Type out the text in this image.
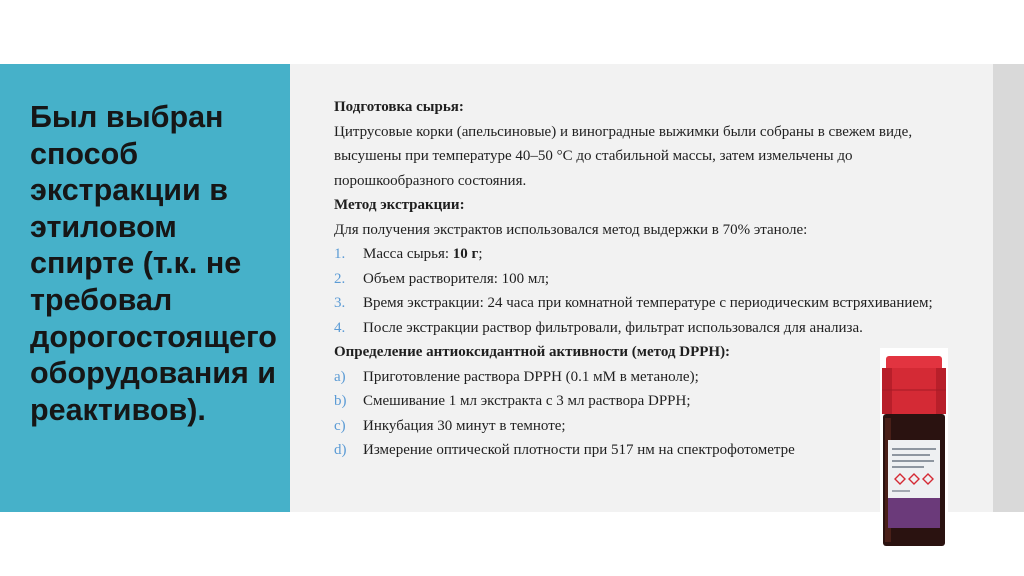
Был выбран способ экстракции в этиловом спирте (т.к. не требовал дорогостоящего оборудования и реактивов).

Подготовка сырья:

Цитрусовые корки (апельсиновые) и виноградные выжимки были собраны в свежем виде, высушены при температуре 40–50 °C до стабильной массы, затем измельчены до порошкообразного состояния.

Метод экстракции:

Для получения экстрактов использовался метод выдержки в 70% этаноле:

1. Масса сырья: 10 г;
2. Объем растворителя: 100 мл;
3. Время экстракции: 24 часа при комнатной температуре с периодическим встряхиванием;
4. После экстракции раствор фильтровали, фильтрат использовался для анализа.

Определение антиоксидантной активности (метод DPPH):

a) Приготовление раствора DPPH (0.1 мМ в метаноле);
b) Смешивание 1 мл экстракта с 3 мл раствора DPPH;
c) Инкубация 30 минут в темноте;
d) Измерение оптической плотности при 517 нм на спектрофотометре
